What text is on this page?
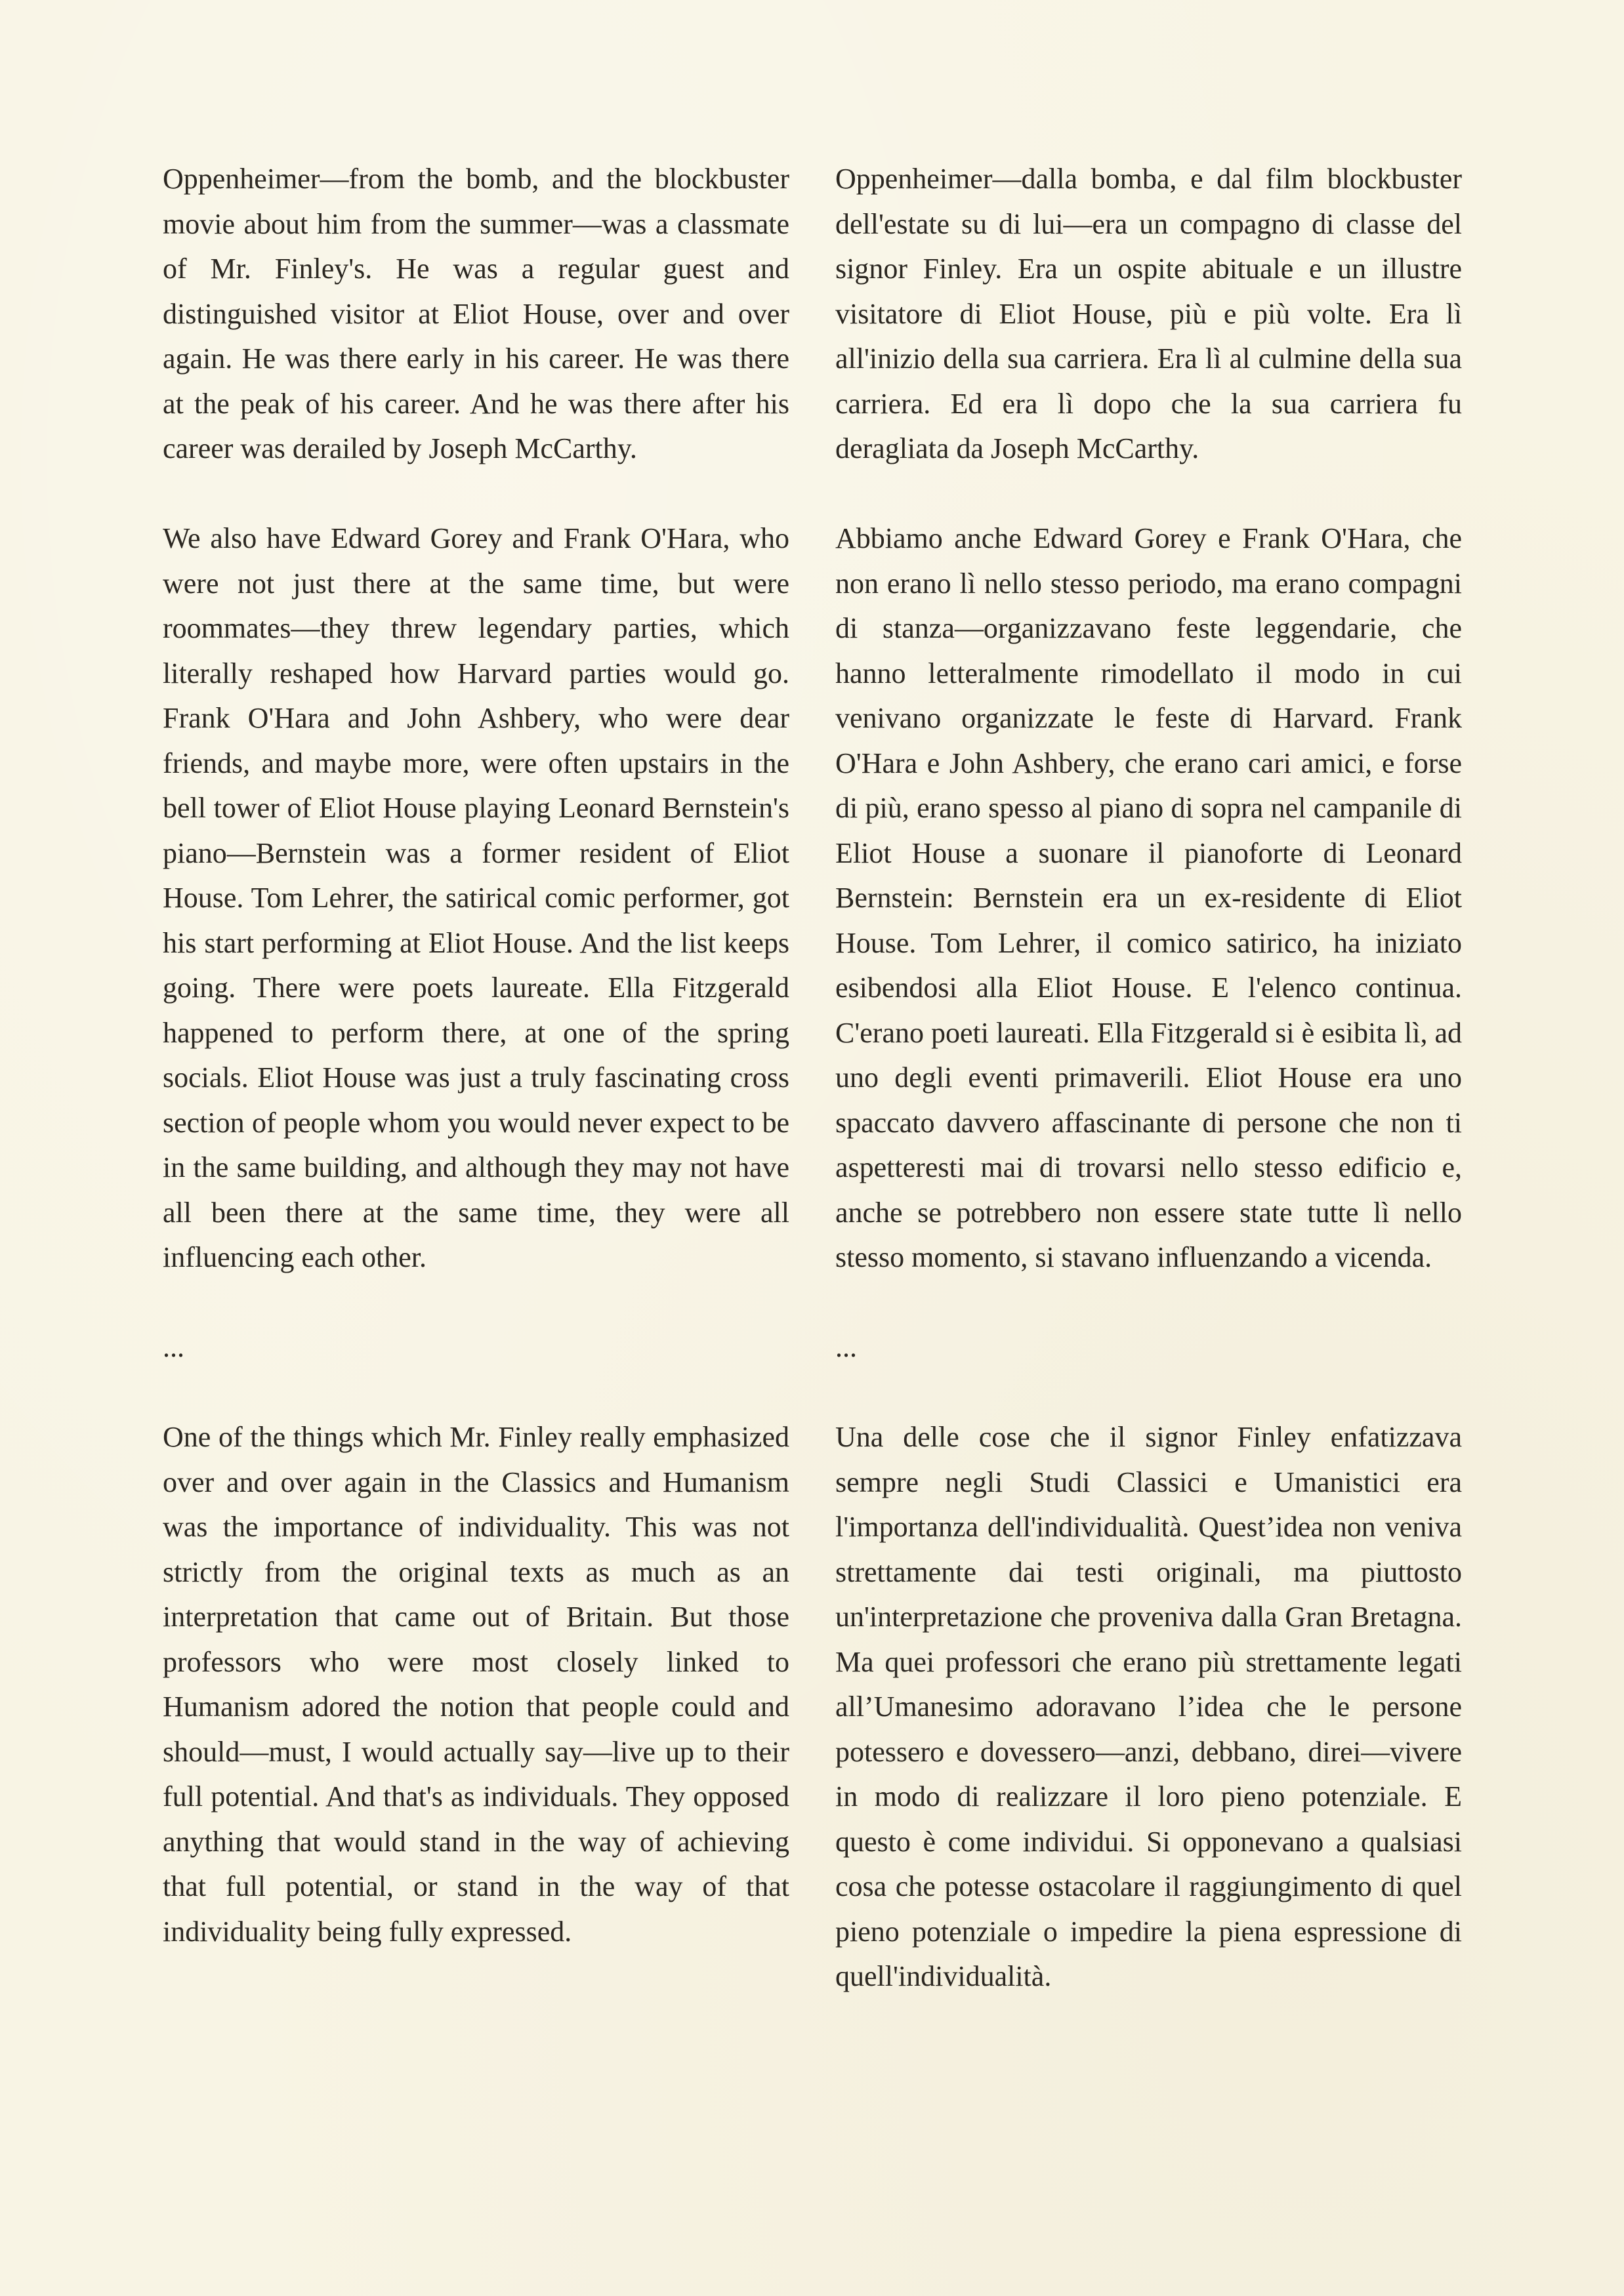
Oppenheimer—from the bomb, and the blockbuster movie about him from the summer—was a classmate of Mr. Finley's. He was a regular guest and distinguished visitor at Eliot House, over and over again. He was there early in his career. He was there at the peak of his career. And he was there after his career was derailed by Joseph McCarthy.

We also have Edward Gorey and Frank O'Hara, who were not just there at the same time, but were roommates—they threw legendary parties, which literally reshaped how Harvard parties would go. Frank O'Hara and John Ashbery, who were dear friends, and maybe more, were often upstairs in the bell tower of Eliot House playing Leonard Bernstein's piano—Bernstein was a former resident of Eliot House. Tom Lehrer, the satirical comic performer, got his start performing at Eliot House. And the list keeps going. There were poets laureate. Ella Fitzgerald happened to perform there, at one of the spring socials. Eliot House was just a truly fascinating cross section of people whom you would never expect to be in the same building, and although they may not have all been there at the same time, they were all influencing each other.

...

One of the things which Mr. Finley really emphasized over and over again in the Classics and Humanism was the importance of individuality. This was not strictly from the original texts as much as an interpretation that came out of Britain. But those professors who were most closely linked to Humanism adored the notion that people could and should—must, I would actually say—live up to their full potential. And that's as individuals. They opposed anything that would stand in the way of achieving that full potential, or stand in the way of that individuality being fully expressed.

Oppenheimer—dalla bomba, e dal film blockbuster dell'estate su di lui—era un compagno di classe del signor Finley. Era un ospite abituale e un illustre visitatore di Eliot House, più e più volte. Era lì all'inizio della sua carriera. Era lì al culmine della sua carriera. Ed era lì dopo che la sua carriera fu deragliata da Joseph McCarthy.

Abbiamo anche Edward Gorey e Frank O'Hara, che non erano lì nello stesso periodo, ma erano compagni di stanza—organizzavano feste leggendarie, che hanno letteralmente rimodellato il modo in cui venivano organizzate le feste di Harvard. Frank O'Hara e John Ashbery, che erano cari amici, e forse di più, erano spesso al piano di sopra nel campanile di Eliot House a suonare il pianoforte di Leonard Bernstein: Bernstein era un ex-residente di Eliot House. Tom Lehrer, il comico satirico, ha iniziato esibendosi alla Eliot House. E l'elenco continua. C'erano poeti laureati. Ella Fitzgerald si è esibita lì, ad uno degli eventi primaverili. Eliot House era uno spaccato davvero affascinante di persone che non ti aspetteresti mai di trovarsi nello stesso edificio e, anche se potrebbero non essere state tutte lì nello stesso momento, si stavano influenzando a vicenda.

...

Una delle cose che il signor Finley enfatizzava sempre negli Studi Classici e Umanistici era l'importanza dell'individualità. Quest’idea non veniva strettamente dai testi originali, ma piuttosto un'interpretazione che proveniva dalla Gran Bretagna. Ma quei professori che erano più strettamente legati all’Umanesimo adoravano l’idea che le persone potessero e dovessero—anzi, debbano, direi—vivere in modo di realizzare il loro pieno potenziale. E questo è come individui. Si opponevano a qualsiasi cosa che potesse ostacolare il raggiungimento di quel pieno potenziale o impedire la piena espressione di quell'individualità.
